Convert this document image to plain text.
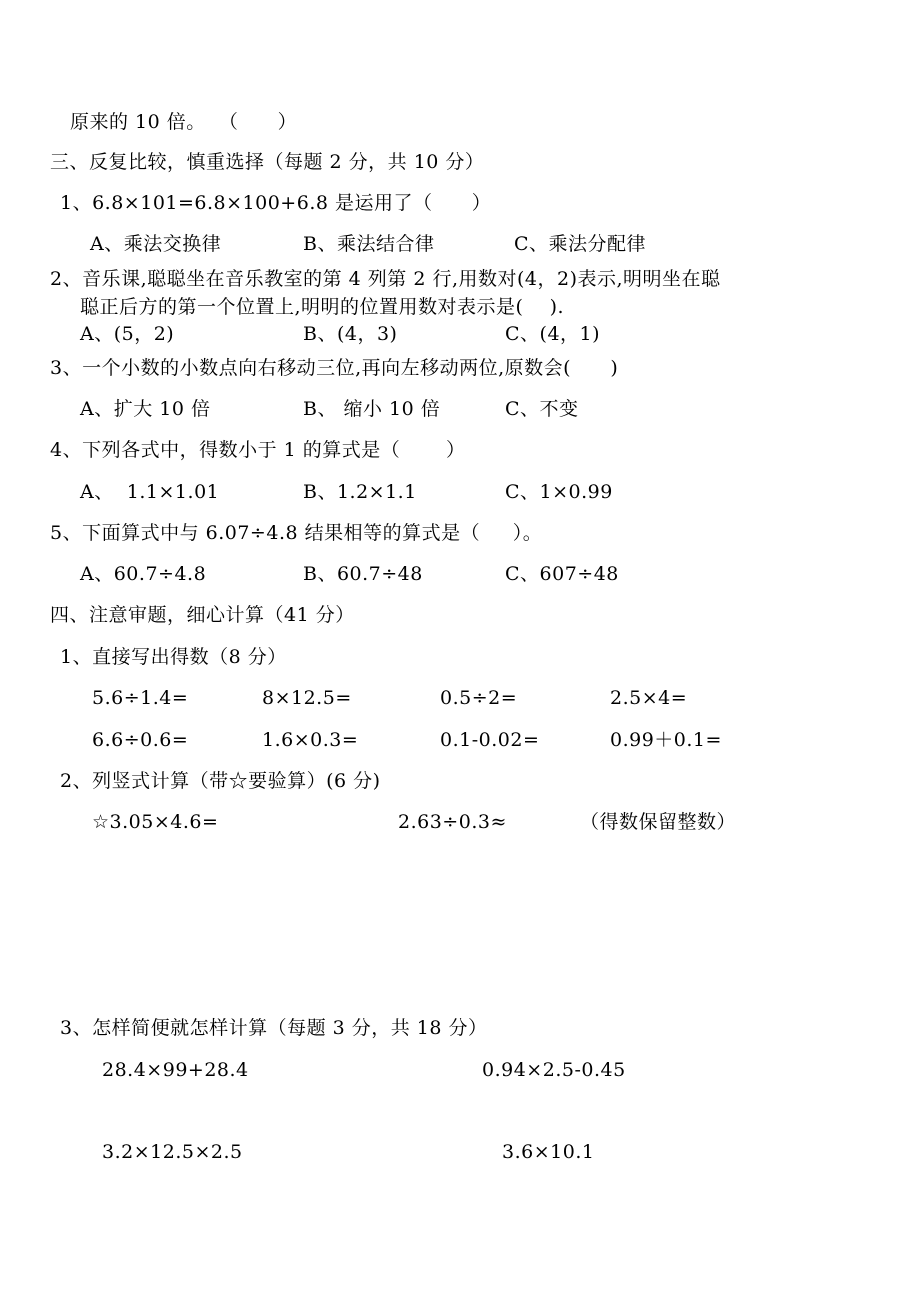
原来的 10 倍。  （      ）
三、反复比较，慎重选择（每题 2 分，共 10 分）
1、6.8×101=6.8×100+6.8 是运用了（      ）
A、乘法交换律	B、乘法结合律	C、乘法分配律
2、音乐课,聪聪坐在音乐教室的第 4 列第 2 行,用数对(4，2)表示,明明坐在聪
聪正后方的第一个位置上,明明的位置用数对表示是(    ).
A、(5，2)	B、(4，3)	C、(4，1)
3、一个小数的小数点向右移动三位,再向左移动两位,原数会(      )
A、扩大 10 倍	B、 缩小 10 倍	C、不变
4、下列各式中，得数小于 1 的算式是（       ）
A、  1.1×1.01	B、1.2×1.1	C、1×0.99
5、下面算式中与 6.07÷4.8 结果相等的算式是（     ）。
A、60.7÷4.8	B、60.7÷48	C、607÷48
四、注意审题，细心计算（41 分）
1、直接写出得数（8 分）
5.6÷1.4=	8×12.5=	0.5÷2=	2.5×4=
6.6÷0.6=	1.6×0.3=	0.1-0.02=	0.99＋0.1=
2、列竖式计算（带☆要验算）(6 分)
☆3.05×4.6=	2.63÷0.3≈	（得数保留整数）
3、怎样简便就怎样计算（每题 3 分，共 18 分）
28.4×99+28.4	0.94×2.5-0.45
3.2×12.5×2.5	3.6×10.1
